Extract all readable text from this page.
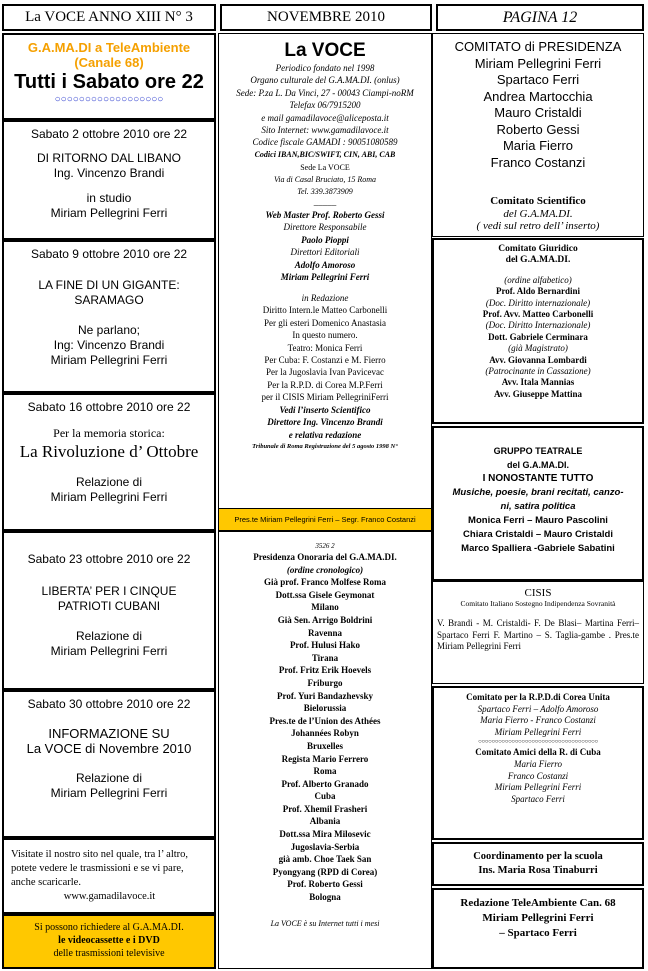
La VOCE ANNO XIII N° 3	NOVEMBRE 2010	PAGINA 12
G.A.MA.DI a TeleAmbiente
(Canale 68)
Tutti i Sabato ore 22
○○○○○○○○○○○○○○○○○○
Sabato 2 ottobre 2010 ore 22
DI RITORNO DAL LIBANO
Ing. Vincenzo Brandi
in studio
Miriam Pellegrini Ferri
Sabato 9 ottobre 2010 ore 22
LA FINE DI UN GIGANTE:
SARAMAGO
Ne parlano;
Ing: Vincenzo Brandi
Miriam Pellegrini Ferri
Sabato 16 ottobre 2010 ore 22
Per la memoria storica:
La Rivoluzione d’ Ottobre
Relazione di
Miriam Pellegrini Ferri
Sabato 23 ottobre 2010 ore 22
LIBERTA’ PER I CINQUE
PATRIOTI CUBANI
Relazione di
Miriam Pellegrini Ferri
Sabato 30 ottobre 2010 ore 22
INFORMAZIONE SU
La VOCE di Novembre 2010
Relazione di
Miriam Pellegrini Ferri
Visitate il nostro sito nel quale, tra l’ altro, potete vedere le trasmissioni e se vi pare, anche scaricarle.
www.gamadilavoce.it
Si possono richiedere al G.A.MA.DI.
le videocassette e i DVD
delle trasmissioni televisive
La VOCE
Periodico fondato nel 1998
Organo culturale del G.A.MA.DI. (onlus)
Sede: P.za L. Da Vinci, 27 - 00043 Ciampi-noRM
Telefax 06/7915200
e mail gamadilavoce@aliceposta.it
Sito Internet: www.gamadilavoce.it
Codice fiscale GAMADI : 90051080589
Codici IBAN,BIC/SWIFT, CIN, ABI, CAB
Sede La VOCE
Via di Casal Bruciato, 15 Roma
Tel. 339.3873909
_____
Web Master Prof. Roberto Gessi
Direttore Responsabile
Paolo Pioppi
Direttori Editoriali
Adolfo Amoroso
Miriam Pellegrini Ferri
in Redazione
Diritto Intern.le Matteo Carbonelli
Per gli esteri Domenico Anastasia
In questo numero.
Teatro: Monica Ferri
Per Cuba: F. Costanzi e M. Fierro
Per la Jugoslavia Ivan Pavicevac
Per la R.P.D. di Corea M.P.Ferri
per il CISIS Miriam PellegriniFerri
Vedi l’inserto Scientifico
Direttore Ing. Vincenzo Brandi
e relativa redazione
Tribunale di Roma Registrazione del 5 agosto 1998 N°
Pres.te Miriam Pellegrini Ferri – Segr. Franco Costanzi
3526 2
Presidenza Onoraria del G.A.MA.DI.
(ordine cronologico)
Già prof. Franco Molfese Roma
Dott.ssa Gisele Geymonat
Milano
Già Sen. Arrigo Boldrini
Ravenna
Prof. Hulusi Hako
Tirana
Prof. Fritz Erik Hoevels
Friburgo
Prof. Yuri Bandazhevsky
Bielorussia
Pres.te de l’Union des Athées
Johannées Robyn
Bruxelles
Regista Mario Ferrero
Roma
Prof. Alberto Granado
Cuba
Prof. Xhemil Frasheri
Albania
Dott.ssa Mira Milosevic
Jugoslavia-Serbia
già amb. Choe Taek San
Pyongyang (RPD di Corea)
Prof. Roberto Gessi
Bologna
La VOCE è su Internet tutti i mesi
COMITATO di PRESIDENZA
Miriam Pellegrini Ferri
Spartaco Ferri
Andrea Martocchia
Mauro Cristaldi
Roberto Gessi
Maria Fierro
Franco Costanzi
Comitato Scientifico
del G.A.MA.DI.
( vedi sul retro dell’ inserto)
Comitato Giuridico
del G.A.MA.DI.
(ordine alfabetico)
Prof. Aldo Bernardini
(Doc. Diritto internazionale)
Prof. Avv. Matteo Carbonelli
(Doc. Diritto Internazionale)
Dott. Gabriele Cerminara
(già Magistrato)
Avv. Giovanna Lombardi
(Patrocinante in Cassazione)
Avv. Itala Mannias
Avv. Giuseppe Mattina
GRUPPO TEATRALE
del G.A.MA.DI.
I NONOSTANTE TUTTO
Musiche, poesie, brani recitati, canzo-
ni, satira politica
Monica Ferri – Mauro Pascolini
Chiara Cristaldi – Mauro Cristaldi
Marco Spalliera -Gabriele Sabatini
CISIS
Comitato Italiano Sostegno Indipendenza Sovranità
V. Brandi - M. Cristaldi- F. De Blasi– Martina Ferri– Spartaco Ferri F. Martino – S. Taglia-gambe . Pres.te Miriam Pellegrini Ferri
Comitato per la R.P.D.di Corea Unita
Spartaco Ferri – Adolfo Amoroso
Maria Fierro - Franco Costanzi
Miriam Pellegrini Ferri
○○○○○○○○○○○○○○○○○○○○○○○○○○○○○○○○○○○○
Comitato Amici della R. di Cuba
Maria Fierro
Franco Costanzi
Miriam Pellegrini Ferri
Spartaco Ferri
Coordinamento per la scuola
Ins. Maria Rosa Tinaburri
Redazione TeleAmbiente Can. 68
Miriam Pellegrini Ferri
– Spartaco Ferri
